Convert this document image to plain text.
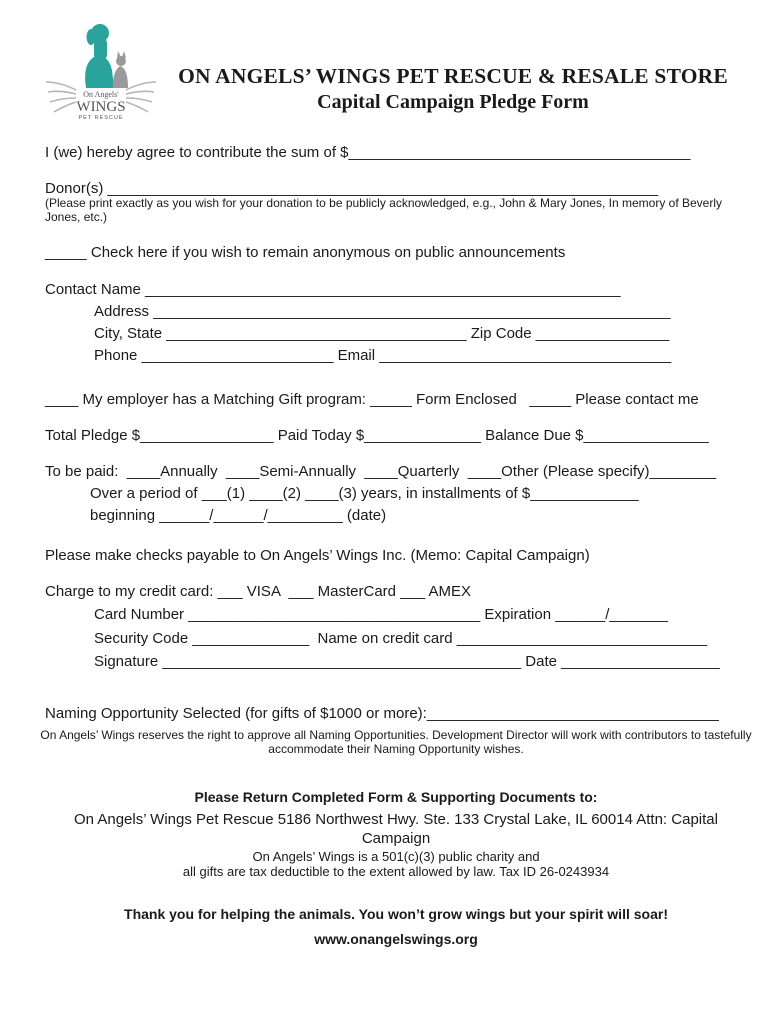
On Angels'
WINGS
PET RESCUE
ON ANGELS’ WINGS PET RESCUE & RESALE STORE
Capital Campaign Pledge Form
I (we) hereby agree to contribute the sum of $_________________________________________
Donor(s) __________________________________________________________________
(Please print exactly as you wish for your donation to be publicly acknowledged, e.g., John & Mary Jones, In memory of Beverly Jones, etc.)
_____ Check here if you wish to remain anonymous on public announcements
Contact Name _________________________________________________________
Address ______________________________________________________________
City, State ____________________________________ Zip Code ________________
Phone _______________________ Email ___________________________________
____ My employer has a Matching Gift program: _____ Form Enclosed   _____ Please contact me
Total Pledge $________________ Paid Today $______________ Balance Due $_______________
To be paid:  ____Annually  ____Semi-Annually  ____Quarterly  ____Other (Please specify)________
Over a period of ___(1) ____(2) ____(3) years, in installments of $_____________
beginning ______/______/_________ (date)
Please make checks payable to On Angels’ Wings Inc. (Memo: Capital Campaign)
Charge to my credit card: ___ VISA  ___ MasterCard ___ AMEX
Card Number ___________________________________ Expiration ______/_______
Security Code ______________  Name on credit card ______________________________
Signature ___________________________________________ Date ___________________
Naming Opportunity Selected (for gifts of $1000 or more):___________________________________
On Angels’ Wings reserves the right to approve all Naming Opportunities. Development Director will work with contributors to tastefully accommodate their Naming Opportunity wishes.
Please Return Completed Form & Supporting Documents to:
On Angels’ Wings Pet Rescue 5186 Northwest Hwy. Ste. 133 Crystal Lake, IL 60014 Attn: Capital Campaign
On Angels’ Wings is a 501(c)(3) public charity and
all gifts are tax deductible to the extent allowed by law. Tax ID 26-0243934
Thank you for helping the animals. You won’t grow wings but your spirit will soar!
www.onangelswings.org
